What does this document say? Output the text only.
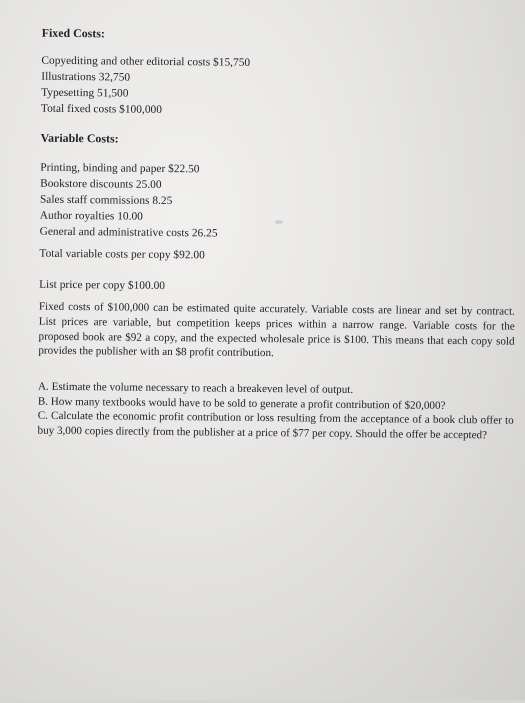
Fixed Costs:
Copyediting and other editorial costs $15,750
Illustrations 32,750
Typesetting 51,500
Total fixed costs $100,000
Variable Costs:
Printing, binding and paper $22.50
Bookstore discounts 25.00
Sales staff commissions 8.25
Author royalties 10.00
General and administrative costs 26.25
Total variable costs per copy $92.00
List price per copy $100.00
Fixed costs of $100,000 can be estimated quite accurately. Variable costs are linear and set by contract. List prices are variable, but competition keeps prices within a narrow range. Variable costs for the proposed book are $92 a copy, and the expected wholesale price is $100. This means that each copy sold provides the publisher with an $8 profit contribution.
A. Estimate the volume necessary to reach a breakeven level of output.
B. How many textbooks would have to be sold to generate a profit contribution of $20,000?
C. Calculate the economic profit contribution or loss resulting from the acceptance of a book club offer to buy 3,000 copies directly from the publisher at a price of $77 per copy. Should the offer be accepted?
